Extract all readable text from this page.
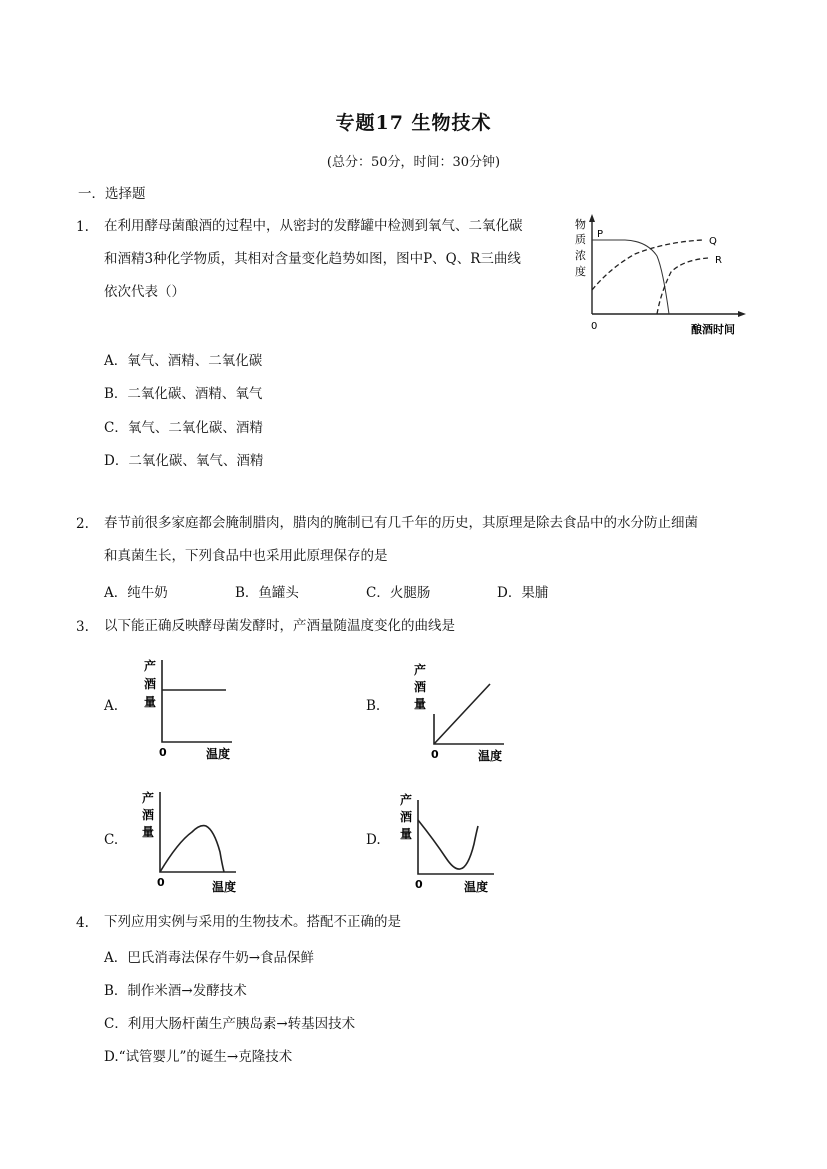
专题17 生物技术
(总分：50分，时间：30分钟)
一．选择题
1. 在利用酵母菌酿酒的过程中，从密封的发酵罐中检测到氧气、二氧化碳
和酒精3种化学物质，其相对含量变化趋势如图，图中P、Q、R三曲线
依次代表（）
物
质
浓
度
P
Q
R
0	酿酒时间
A．氧气、酒精、二氧化碳
B．二氧化碳、酒精、氧气
C．氧气、二氧化碳、酒精
D．二氧化碳、氧气、酒精
2. 春节前很多家庭都会腌制腊肉，腊肉的腌制已有几千年的历史，其原理是除去食品中的水分防止细菌
和真菌生长，下列食品中也采用此原理保存的是
A．纯牛奶	B．鱼罐头	C．火腿肠	D．果脯
3. 以下能正确反映酵母菌发酵时，产酒量随温度变化的曲线是
A.
产
酒
量
0	温度
B.
产
酒
量
0	温度
C.
产
酒
量
0	温度
D.
产
酒
量
0	温度
4. 下列应用实例与采用的生物技术。搭配不正确的是
A．巴氏消毒法保存牛奶→食品保鲜
B．制作米酒→发酵技术
C．利用大肠杆菌生产胰岛素→转基因技术
D.“试管婴儿”的诞生→克隆技术
